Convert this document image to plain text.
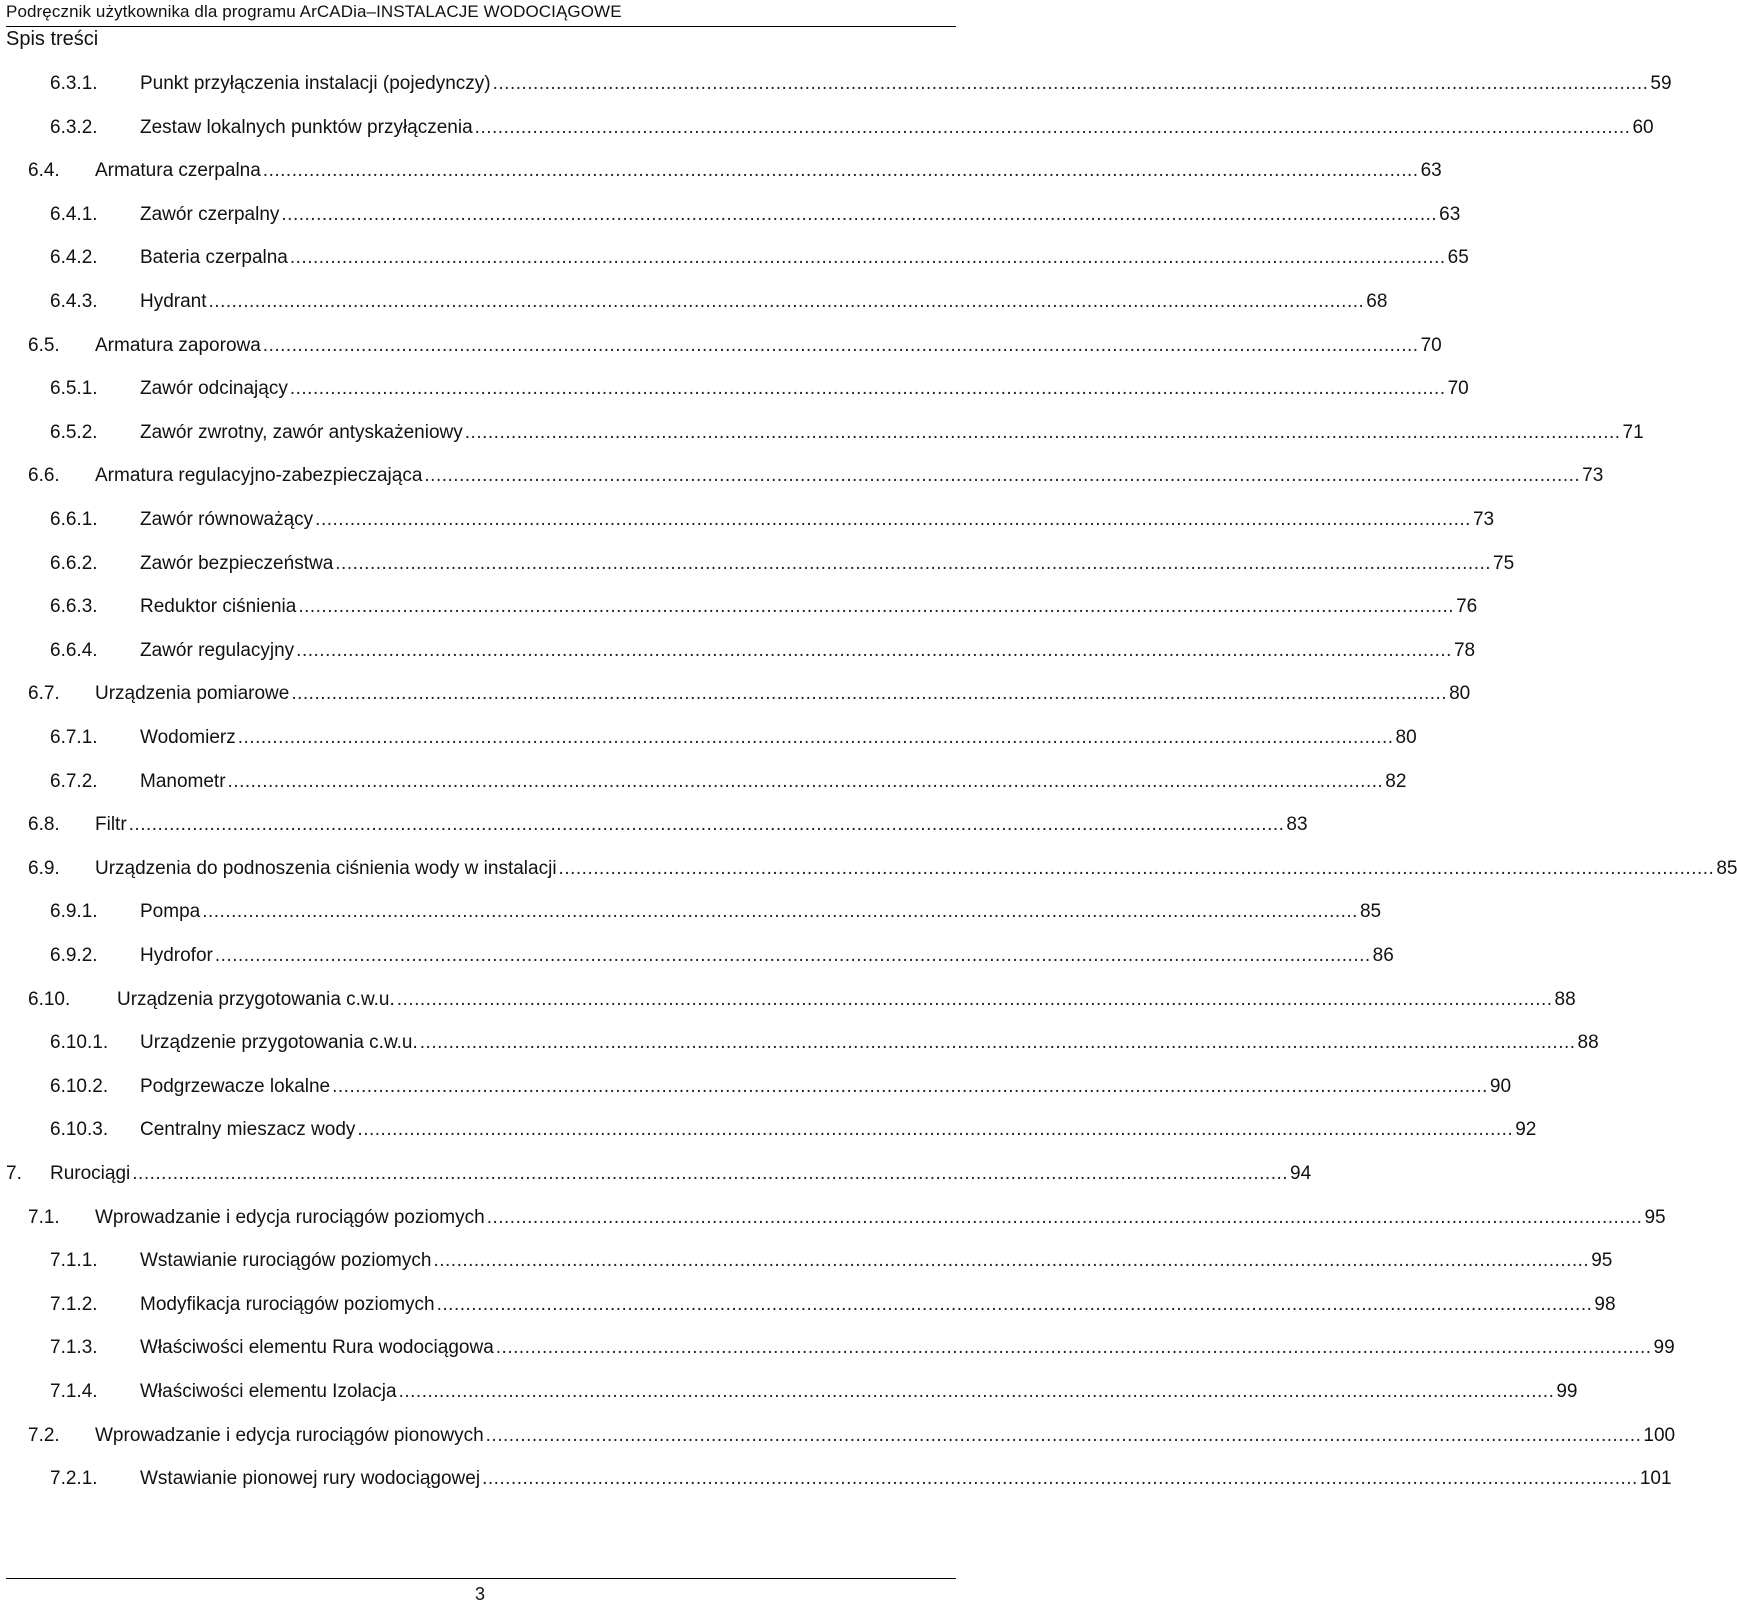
Podręcznik użytkownika dla programu ArCADia–INSTALACJE WODOCIĄGOWE
Spis treści
6.3.1. Punkt przyłączenia instalacji (pojedynczy) ........................................................................................................................................................................................................ 59
6.3.2. Zestaw lokalnych punktów przyłączenia ........................................................................................................................................................................................................ 60
6.4. Armatura czerpalna ........................................................................................................................................................................................................ 63
6.4.1. Zawór czerpalny ........................................................................................................................................................................................................ 63
6.4.2. Bateria czerpalna ........................................................................................................................................................................................................ 65
6.4.3. Hydrant ........................................................................................................................................................................................................ 68
6.5. Armatura zaporowa ........................................................................................................................................................................................................ 70
6.5.1. Zawór odcinający ........................................................................................................................................................................................................ 70
6.5.2. Zawór zwrotny, zawór antyskażeniowy ........................................................................................................................................................................................................ 71
6.6. Armatura regulacyjno-zabezpieczająca ........................................................................................................................................................................................................ 73
6.6.1. Zawór równoważący ........................................................................................................................................................................................................ 73
6.6.2. Zawór bezpieczeństwa ........................................................................................................................................................................................................ 75
6.6.3. Reduktor ciśnienia ........................................................................................................................................................................................................ 76
6.6.4. Zawór regulacyjny ........................................................................................................................................................................................................ 78
6.7. Urządzenia pomiarowe ........................................................................................................................................................................................................ 80
6.7.1. Wodomierz ........................................................................................................................................................................................................ 80
6.7.2. Manometr ........................................................................................................................................................................................................ 82
6.8. Filtr ........................................................................................................................................................................................................ 83
6.9. Urządzenia do podnoszenia ciśnienia wody w instalacji ........................................................................................................................................................................................................ 85
6.9.1. Pompa ........................................................................................................................................................................................................ 85
6.9.2. Hydrofor ........................................................................................................................................................................................................ 86
6.10. Urządzenia przygotowania c.w.u. ........................................................................................................................................................................................................ 88
6.10.1. Urządzenie przygotowania c.w.u. ........................................................................................................................................................................................................ 88
6.10.2. Podgrzewacze lokalne ........................................................................................................................................................................................................ 90
6.10.3. Centralny mieszacz wody ........................................................................................................................................................................................................ 92
7. Rurociągi ........................................................................................................................................................................................................ 94
7.1. Wprowadzanie i edycja rurociągów poziomych ........................................................................................................................................................................................................ 95
7.1.1. Wstawianie rurociągów poziomych ........................................................................................................................................................................................................ 95
7.1.2. Modyfikacja rurociągów poziomych ........................................................................................................................................................................................................ 98
7.1.3. Właściwości elementu Rura wodociągowa ........................................................................................................................................................................................................ 99
7.1.4. Właściwości elementu Izolacja ........................................................................................................................................................................................................ 99
7.2. Wprowadzanie i edycja rurociągów pionowych ........................................................................................................................................................................................................ 100
7.2.1. Wstawianie pionowej rury wodociągowej ........................................................................................................................................................................................................ 101
3
